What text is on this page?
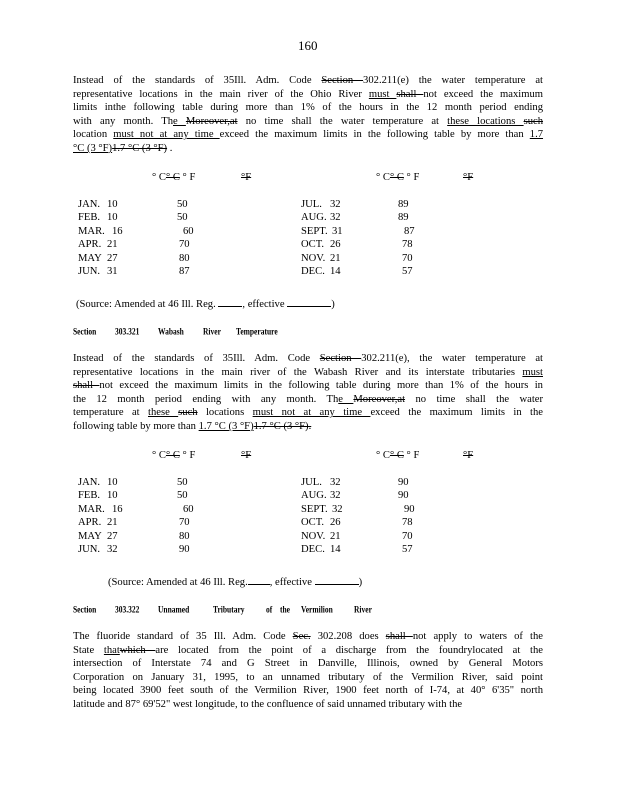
160
Instead of the standards of 35Ill. Adm. Code Section 302.211(e) the water temperature at
representative locations in the main river of the Ohio River must shall not exceed the maximum
limits inthe following table during more than 1% of the hours in the 12 month period ending
with any month. The Moreover,at no time shall the water temperature at these locations such
location must not at any time exceed the maximum limits in the following table by more than 1.7
°C (3 °F)1.7 °C (3 °F) .
° C° C ° F	°F	° C° C ° F	°F
JAN. 10	50
FEB. 10	50
MAR. 16	60
APR. 21	70
MAY 27	80
JUN. 31	87
JUL. 32	89
AUG. 32	89
SEPT. 31	87
OCT. 26	78
NOV. 21	70
DEC. 14	57
(Source: Amended at 46 Ill. Reg.	, effective	)
Section 303.321 Wabash	River Temperature
Instead of the standards of 35Ill. Adm. Code Section 302.211(e), the water temperature at
representative locations in the main river of the Wabash River and its interstate tributaries must
shall not exceed the maximum limits in the following table during more than 1% of the hours in
the 12 month period ending with any month. The Moreover,at no time shall the water
temperature at these such locations must not at any time exceed the maximum limits in the
following table by more than 1.7 °C (3 °F)1.7 °C (3 °F).
° C° C ° F	°F	° C° C ° F	°F
JAN. 10	50
FEB. 10	50
MAR. 16	60
APR. 21	70
MAY 27	80
JUN. 32	90
JUL. 32	90
AUG. 32	90
SEPT. 32	90
OCT. 26	78
NOV. 21	70
DEC. 14	57
(Source: Amended at 46 Ill. Reg. , effective	)
Section 303.322 Unnamed	Tributary	of the Vermilion	River
The fluoride standard of 35 Ill. Adm. Code Sec. 302.208 does shall not apply to waters of the
State thatwhich are located from the point of a discharge from the foundrylocated at the
intersection of Interstate 74 and G Street in Danville, Illinois, owned by General Motors
Corporation on January 31, 1995, to an unnamed tributary of the Vermilion River, said point
being located 3900 feet south of the Vermilion River, 1900 feet north of I-74, at 40° 6'35" north
latitude and 87° 69'52" west longitude, to the confluence of said unnamed tributary with the
